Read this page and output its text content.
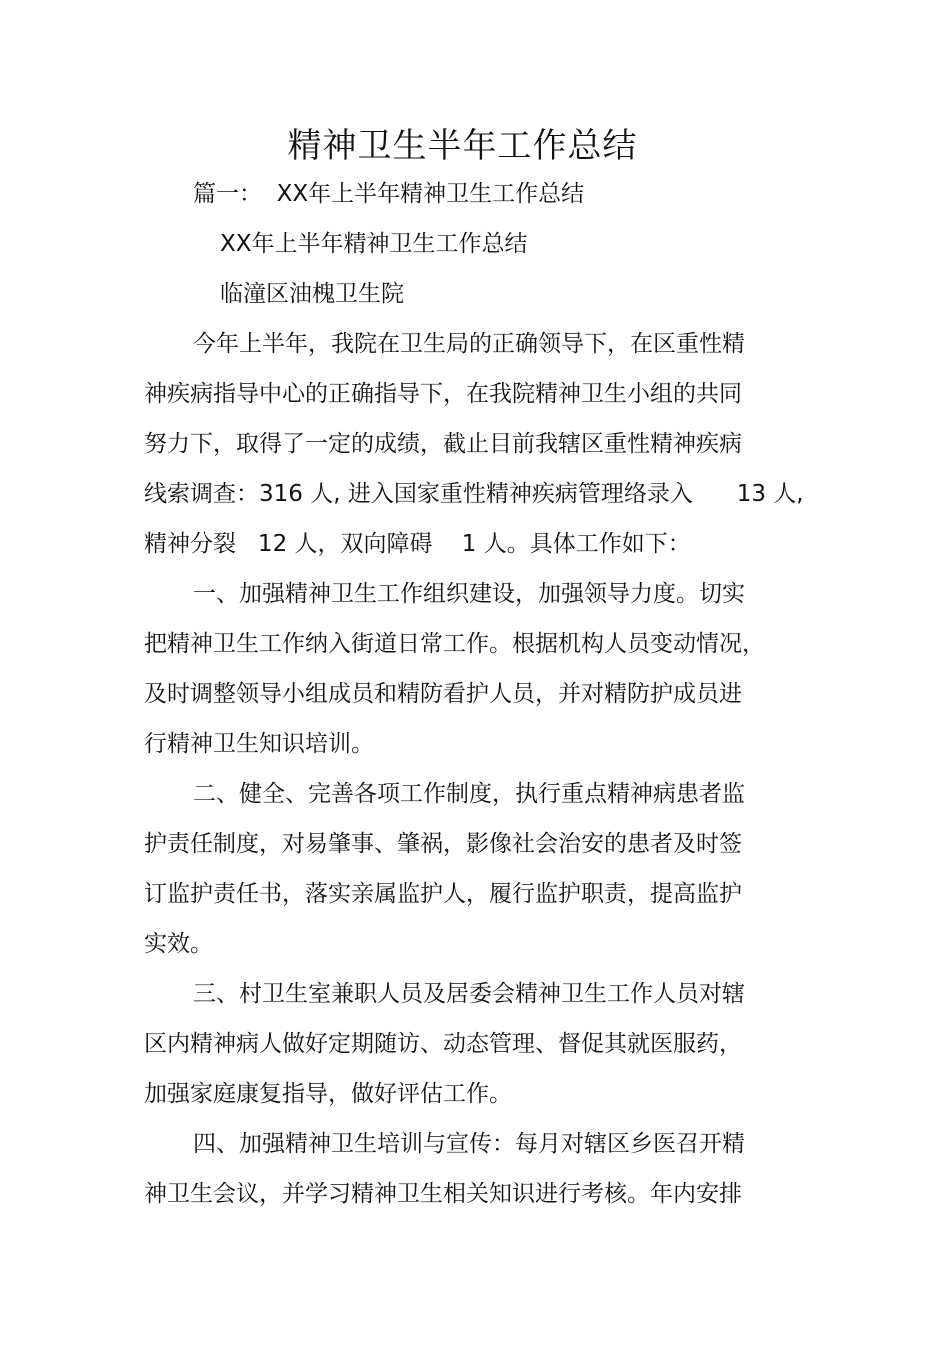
精神卫生半年工作总结
篇一：  XX年上半年精神卫生工作总结
XX年上半年精神卫生工作总结
临潼区油槐卫生院
今年上半年，我院在卫生局的正确领导下，在区重性精
神疾病指导中心的正确指导下，在我院精神卫生小组的共同
努力下，取得了一定的成绩，截止目前我辖区重性精神疾病
线索调查：316 人, 进入国家重性精神疾病管理络录入      13 人,
精神分裂   12 人，双向障碍    1 人。具体工作如下：
一、加强精神卫生工作组织建设，加强领导力度。切实
把精神卫生工作纳入街道日常工作。根据机构人员变动情况，
及时调整领导小组成员和精防看护人员，并对精防护成员进
行精神卫生知识培训。
二、健全、完善各项工作制度，执行重点精神病患者监
护责任制度，对易肇事、肇祸，影像社会治安的患者及时签
订监护责任书，落实亲属监护人，履行监护职责，提高监护
实效。
三、村卫生室兼职人员及居委会精神卫生工作人员对辖
区内精神病人做好定期随访、动态管理、督促其就医服药，
加强家庭康复指导，做好评估工作。
四、加强精神卫生培训与宣传：每月对辖区乡医召开精
神卫生会议，并学习精神卫生相关知识进行考核。年内安排
